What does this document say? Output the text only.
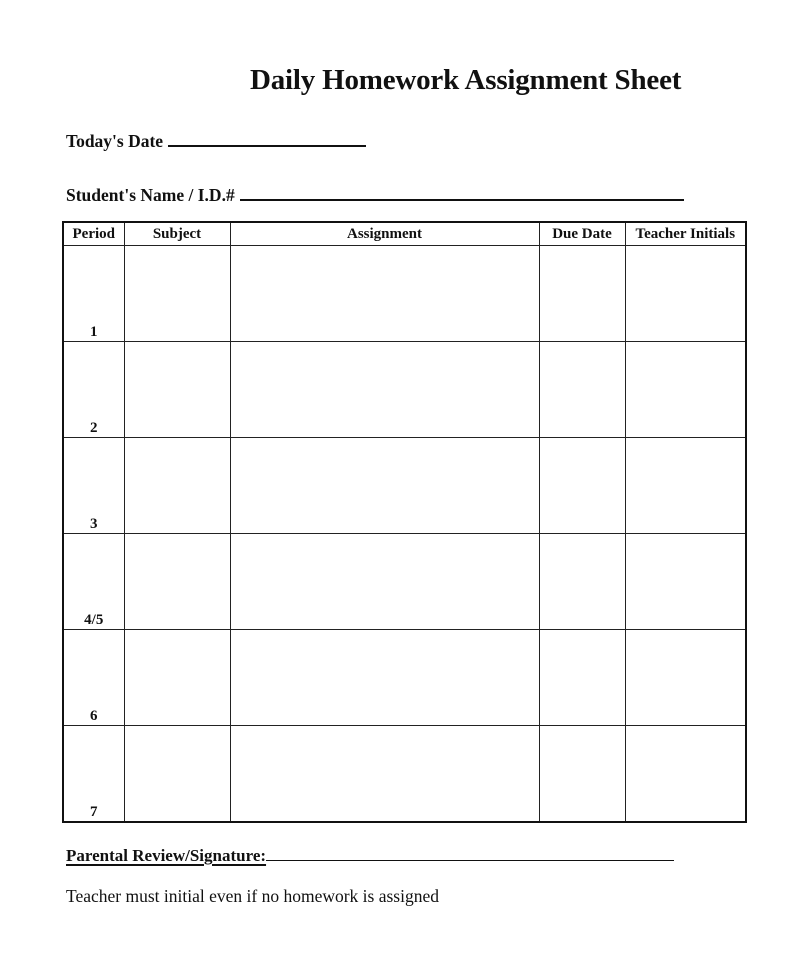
Daily Homework Assignment Sheet
Today's Date
Student's Name / I.D.#
Period	Subject	Assignment	Due Date	Teacher Initials
1				
2				
3				
4/5				
6				
7				
Parental Review/Signature:
Teacher must initial even if no homework is assigned
